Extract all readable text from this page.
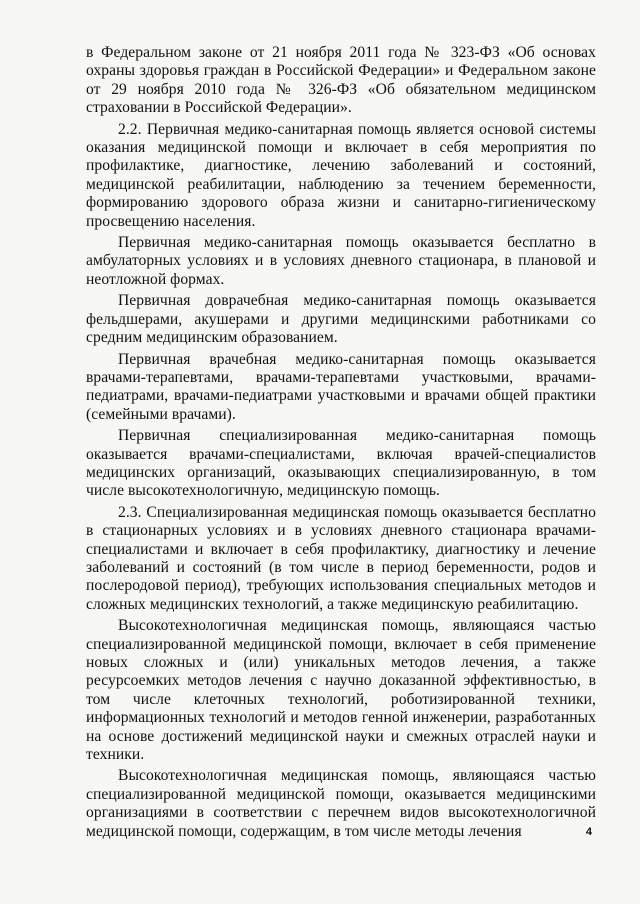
в Федеральном законе от 21 ноября 2011 года № 323-ФЗ «Об основах охраны здоровья граждан в Российской Федерации» и Федеральном законе от 29 ноября 2010 года № 326-ФЗ «Об обязательном медицинском страховании в Российской Федерации».

2.2. Первичная медико-санитарная помощь является основой системы оказания медицинской помощи и включает в себя мероприятия по профилактике, диагностике, лечению заболеваний и состояний, медицинской реабилитации, наблюдению за течением беременности, формированию здорового образа жизни и санитарно-гигиеническому просвещению населения.

Первичная медико-санитарная помощь оказывается бесплатно в амбулаторных условиях и в условиях дневного стационара, в плановой и неотложной формах.

Первичная доврачебная медико-санитарная помощь оказывается фельдшерами, акушерами и другими медицинскими работниками со средним медицинским образованием.

Первичная врачебная медико-санитарная помощь оказывается врачами-терапевтами, врачами-терапевтами участковыми, врачами-педиатрами, врачами-педиатрами участковыми и врачами общей практики (семейными врачами).

Первичная специализированная медико-санитарная помощь оказывается врачами-специалистами, включая врачей-специалистов медицинских организаций, оказывающих специализированную, в том числе высокотехнологичную, медицинскую помощь.

2.3. Специализированная медицинская помощь оказывается бесплатно в стационарных условиях и в условиях дневного стационара врачами-специалистами и включает в себя профилактику, диагностику и лечение заболеваний и состояний (в том числе в период беременности, родов и послеродовой период), требующих использования специальных методов и сложных медицинских технологий, а также медицинскую реабилитацию.

Высокотехнологичная медицинская помощь, являющаяся частью специализированной медицинской помощи, включает в себя применение новых сложных и (или) уникальных методов лечения, а также ресурсоемких методов лечения с научно доказанной эффективностью, в том числе клеточных технологий, роботизированной техники, информационных технологий и методов генной инженерии, разработанных на основе достижений медицинской науки и смежных отраслей науки и техники.

Высокотехнологичная медицинская помощь, являющаяся частью специализированной медицинской помощи, оказывается медицинскими организациями в соответствии с перечнем видов высокотехнологичной медицинской помощи, содержащим, в том числе методы лечения	4
